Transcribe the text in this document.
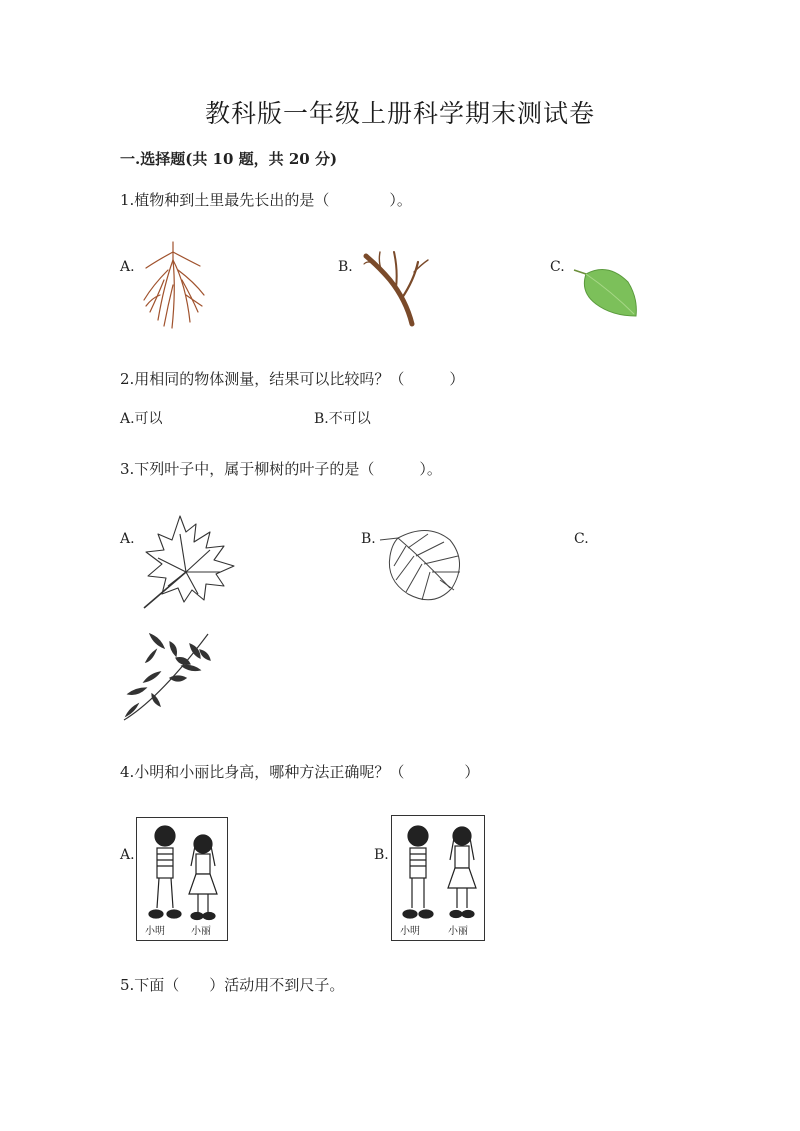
教科版一年级上册科学期末测试卷
一.选择题(共 10 题，共 20 分)
1.植物种到土里最先长出的是（　　　　）。
A.	B.	C.
2.用相同的物体测量，结果可以比较吗？（　　　）
A.可以	B.不可以
3.下列叶子中，属于柳树的叶子的是（　　　）。
A.	B.	C.
4.小明和小丽比身高，哪种方法正确呢？（　　　　）
A.	B.
小明	小丽	小明	小丽
5.下面（　　）活动用不到尺子。
